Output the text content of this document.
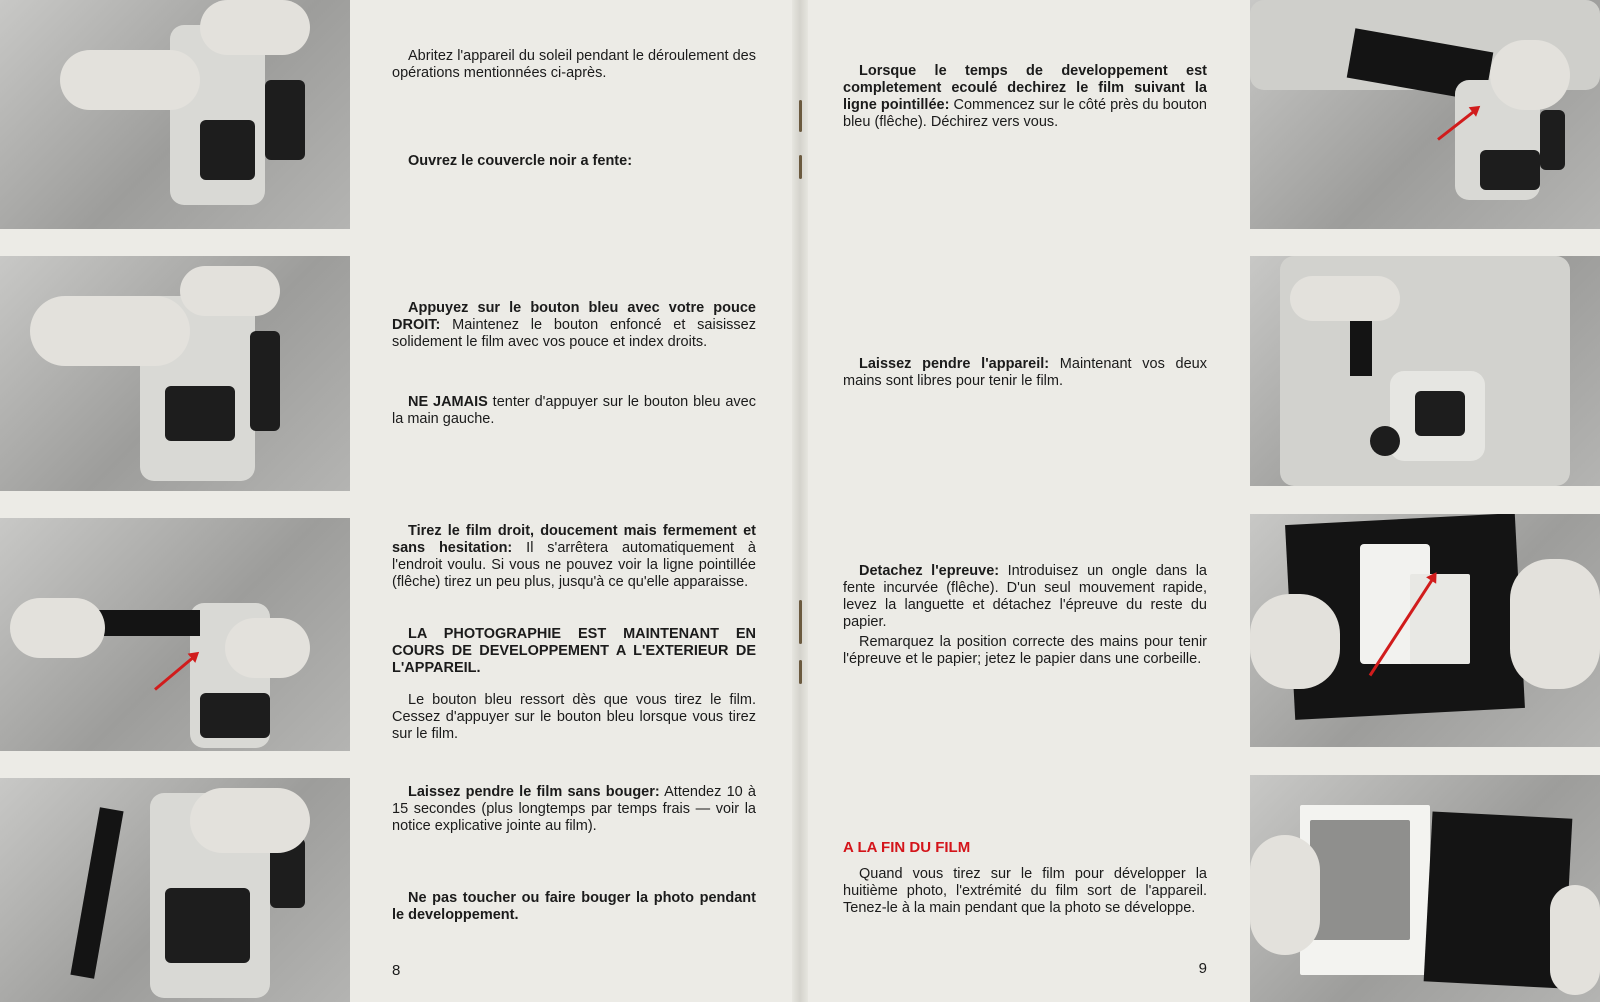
Abritez l'appareil du soleil pendant le déroulement des opérations mentionnées ci-après.

Ouvrez le couvercle noir a fente:

Appuyez sur le bouton bleu avec votre pouce DROIT: Maintenez le bouton enfoncé et saisissez solidement le film avec vos pouce et index droits.

NE JAMAIS tenter d'appuyer sur le bouton bleu avec la main gauche.

Tirez le film droit, doucement mais fermement et sans hesitation: Il s'arrêtera automatiquement à l'endroit voulu. Si vous ne pouvez voir la ligne pointillée (flêche) tirez un peu plus, jusqu'à ce qu'elle apparaisse.

LA PHOTOGRAPHIE EST MAINTENANT EN COURS DE DEVELOPPEMENT A L'EXTERIEUR DE L'APPAREIL.

Le bouton bleu ressort dès que vous tirez le film. Cessez d'appuyer sur le bouton bleu lorsque vous tirez sur le film.

Laissez pendre le film sans bouger: Attendez 10 à 15 secondes (plus longtemps par temps frais — voir la notice explicative jointe au film).

Ne pas toucher ou faire bouger la photo pendant le developpement.

8

Lorsque le temps de developpement est completement ecoulé dechirez le film suivant la ligne pointillée: Commencez sur le côté près du bouton bleu (flêche). Déchirez vers vous.

Laissez pendre l'appareil: Maintenant vos deux mains sont libres pour tenir le film.

Detachez l'epreuve: Introduisez un ongle dans la fente incurvée (flêche). D'un seul mouvement rapide, levez la languette et détachez l'épreuve du reste du papier.

Remarquez la position correcte des mains pour tenir l'épreuve et le papier; jetez le papier dans une corbeille.

A LA FIN DU FILM

Quand vous tirez sur le film pour développer la huitième photo, l'extrémité du film sort de l'appareil. Tenez-le à la main pendant que la photo se développe.

9
